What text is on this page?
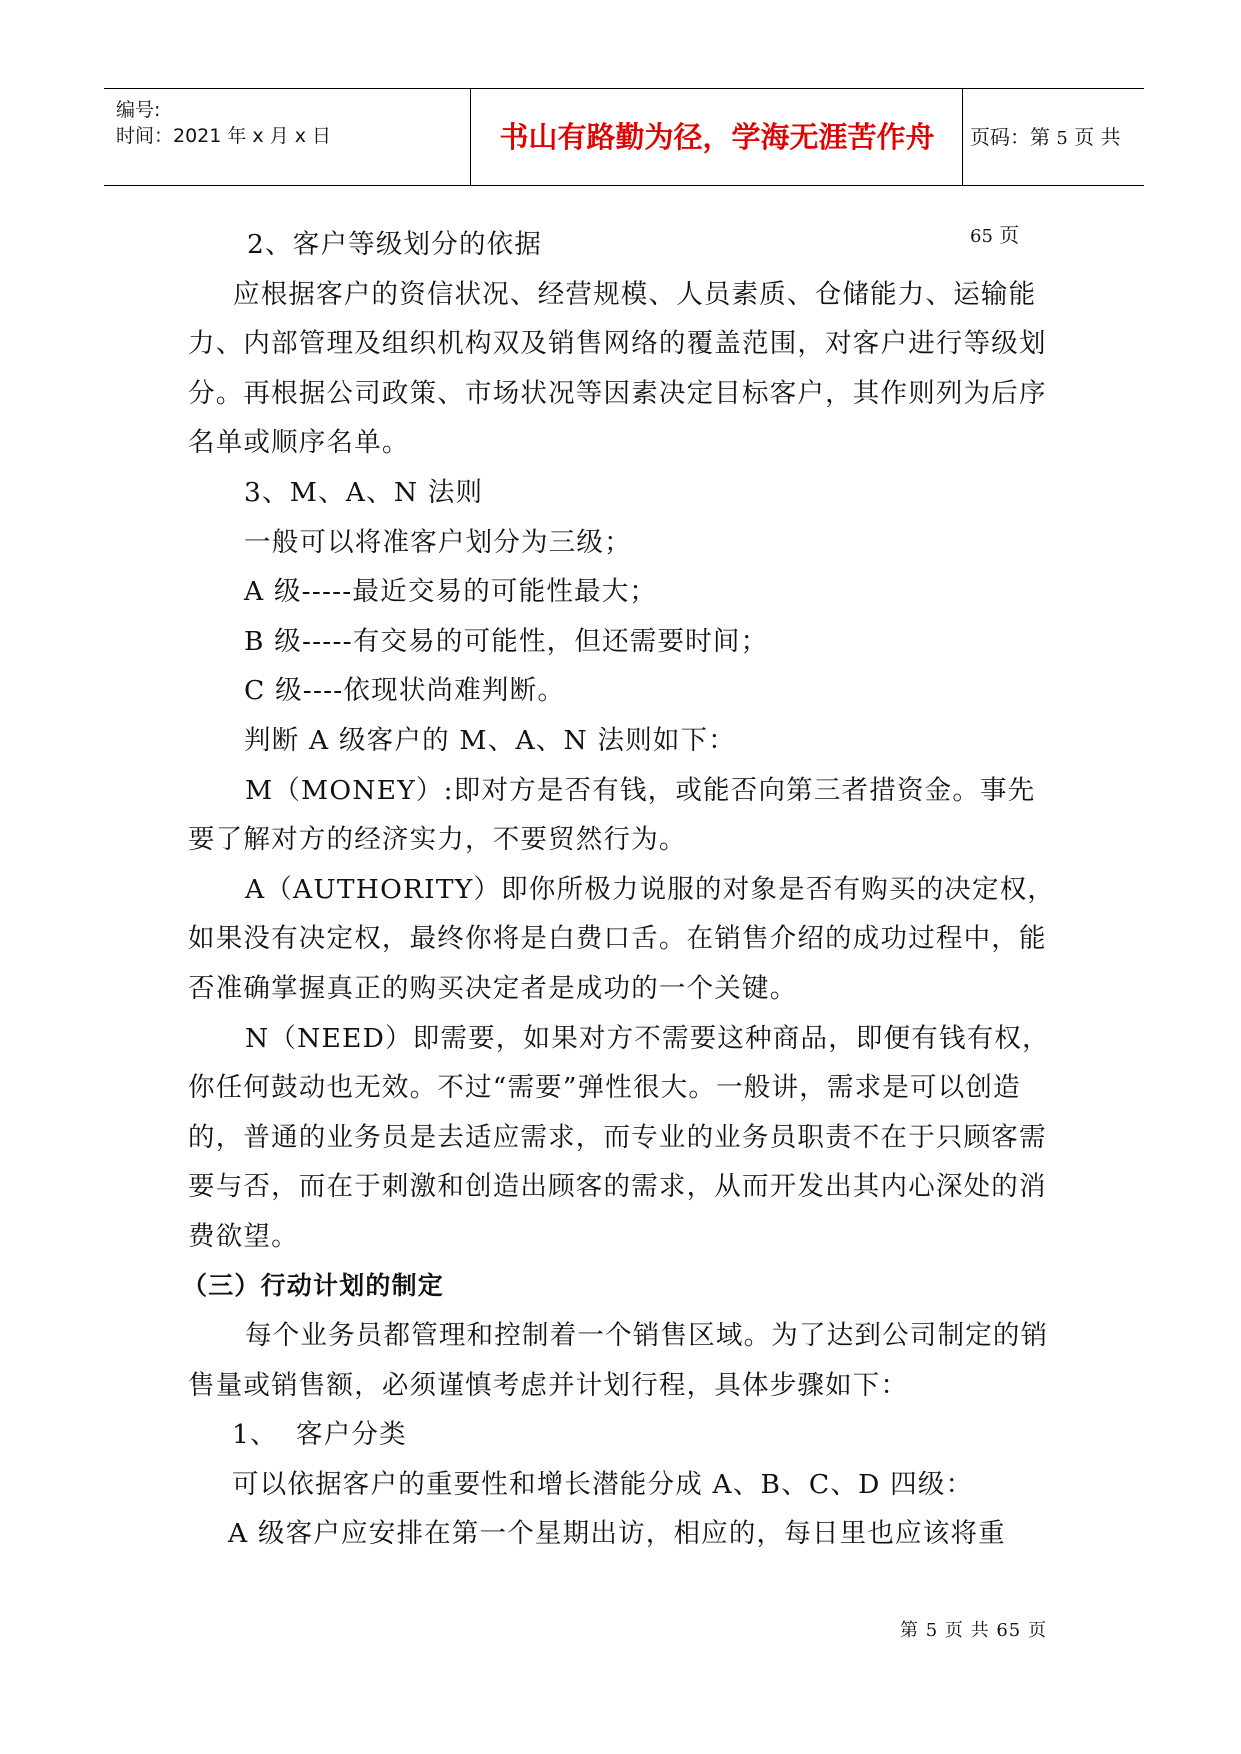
编号:
时间：2021 年 x 月 x 日	书山有路勤为径，学海无涯苦作舟	页码：第 5 页 共 65 页

2、客户等级划分的依据

应根据客户的资信状况、经营规模、人员素质、仓储能力、运输能力、内部管理及组织机构双及销售网络的覆盖范围，对客户进行等级划分。再根据公司政策、市场状况等因素决定目标客户，其作则列为后序名单或顺序名单。

3、M、A、N 法则

一般可以将准客户划分为三级；

A 级-----最近交易的可能性最大；

B 级-----有交易的可能性，但还需要时间；

C 级----依现状尚难判断。

判断 A 级客户的 M、A、N 法则如下：

M（MONEY）:即对方是否有钱，或能否向第三者措资金。事先要了解对方的经济实力，不要贸然行为。

A（AUTHORITY）即你所极力说服的对象是否有购买的决定权，如果没有决定权，最终你将是白费口舌。在销售介绍的成功过程中，能否准确掌握真正的购买决定者是成功的一个关键。

N（NEED）即需要，如果对方不需要这种商品，即便有钱有权，你任何鼓动也无效。不过“需要”弹性很大。一般讲，需求是可以创造的，普通的业务员是去适应需求，而专业的业务员职责不在于只顾客需要与否，而在于刺激和创造出顾客的需求，从而开发出其内心深处的消费欲望。

（三）行动计划的制定

每个业务员都管理和控制着一个销售区域。为了达到公司制定的销售量或销售额，必须谨慎考虑并计划行程，具体步骤如下：

1、 客户分类

可以依据客户的重要性和增长潜能分成 A、B、C、D 四级：

A 级客户应安排在第一个星期出访，相应的，每日里也应该将重

第 5 页 共 65 页
